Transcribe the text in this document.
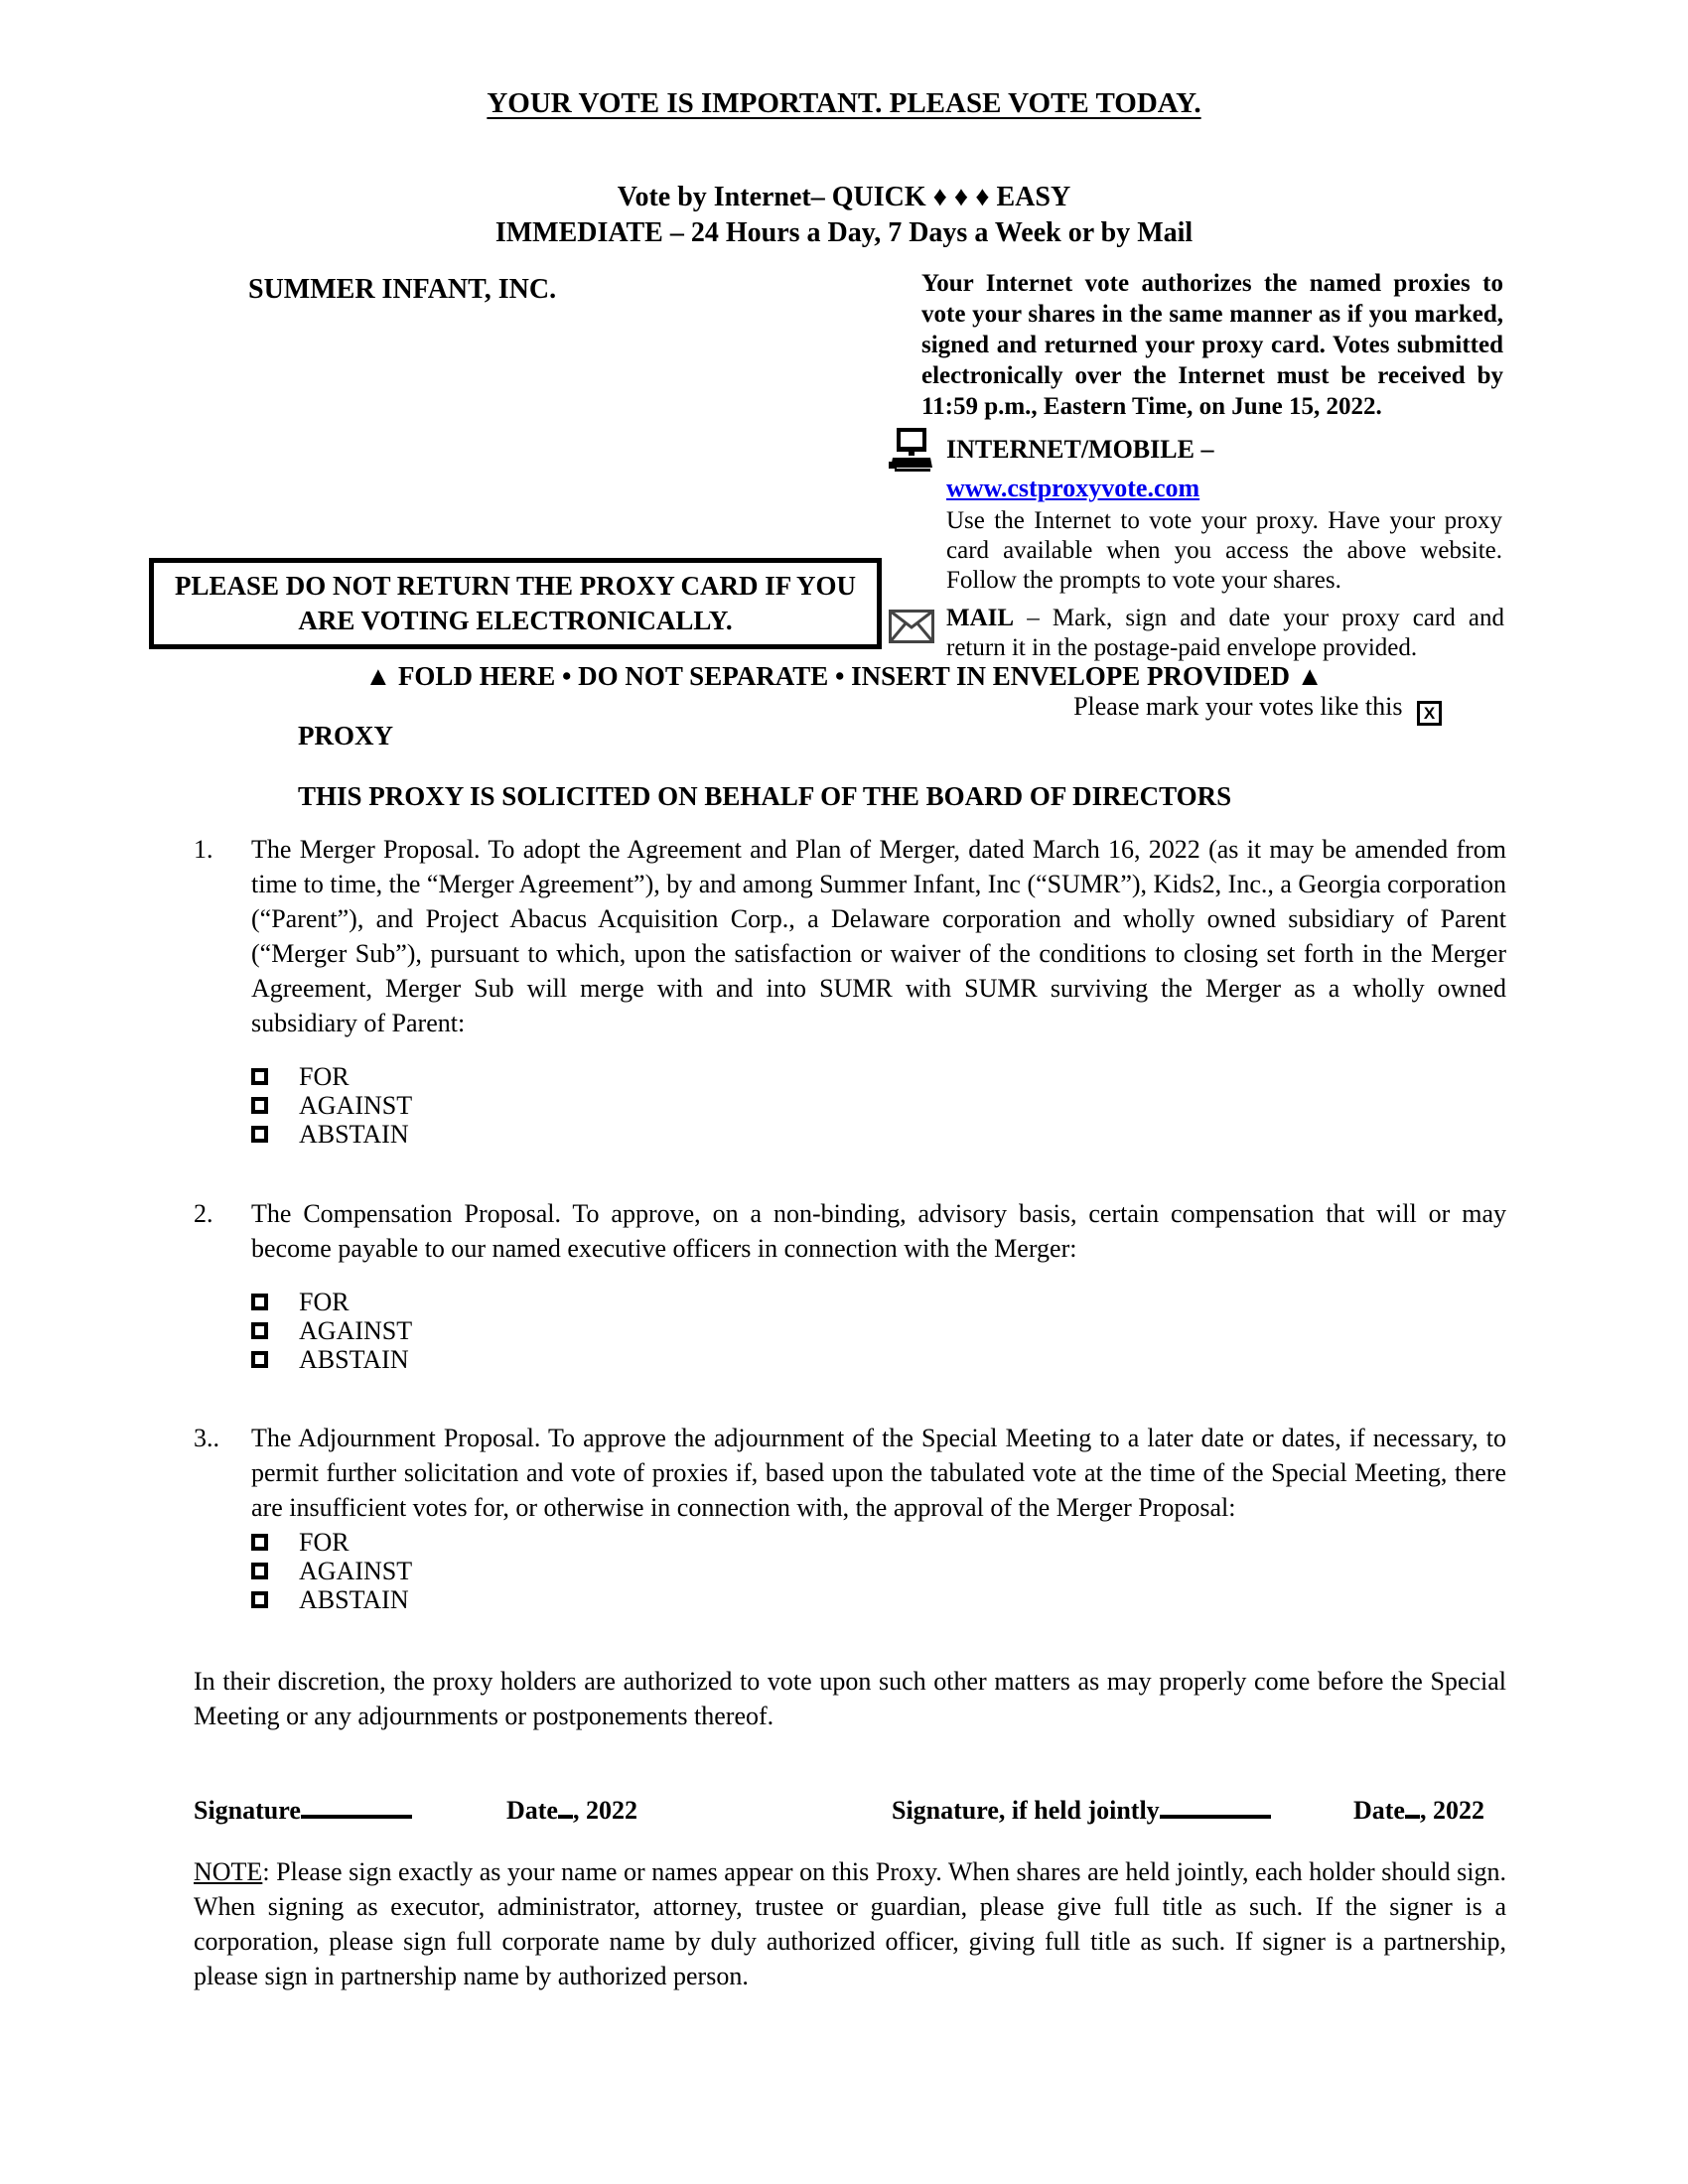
YOUR VOTE IS IMPORTANT. PLEASE VOTE TODAY.
Vote by Internet– QUICK ♦ ♦ ♦ EASY
IMMEDIATE – 24 Hours a Day, 7 Days a Week or by Mail
SUMMER INFANT, INC.	Your Internet vote authorizes the named proxies to vote your shares in the same manner as if you marked, signed and returned your proxy card. Votes submitted electronically over the Internet must be received by 11:59 p.m., Eastern Time, on June 15, 2022.

INTERNET/MOBILE –
www.cstproxyvote.com

Use the Internet to vote your proxy. Have your proxy card available when you access the above website. Follow the prompts to vote your shares.

MAIL – Mark, sign and date your proxy card and return it in the postage-paid envelope provided.

PLEASE DO NOT RETURN THE PROXY CARD IF YOU ARE VOTING ELECTRONICALLY.
▲ FOLD HERE • DO NOT SEPARATE • INSERT IN ENVELOPE PROVIDED ▲
Please mark your votes like this X
PROXY
THIS PROXY IS SOLICITED ON BEHALF OF THE BOARD OF DIRECTORS
1.	The Merger Proposal. To adopt the Agreement and Plan of Merger, dated March 16, 2022 (as it may be amended from time to time, the “Merger Agreement”), by and among Summer Infant, Inc (“SUMR”), Kids2, Inc., a Georgia corporation (“Parent”), and Project Abacus Acquisition Corp., a Delaware corporation and wholly owned subsidiary of Parent (“Merger Sub”), pursuant to which, upon the satisfaction or waiver of the conditions to closing set forth in the Merger Agreement, Merger Sub will merge with and into SUMR with SUMR surviving the Merger as a wholly owned subsidiary of Parent:
FOR
AGAINST
ABSTAIN
2.	The Compensation Proposal. To approve, on a non-binding, advisory basis, certain compensation that will or may become payable to our named executive officers in connection with the Merger:
FOR
AGAINST
ABSTAIN
3..	The Adjournment Proposal. To approve the adjournment of the Special Meeting to a later date or dates, if necessary, to permit further solicitation and vote of proxies if, based upon the tabulated vote at the time of the Special Meeting, there are insufficient votes for, or otherwise in connection with, the approval of the Merger Proposal:
FOR
AGAINST
ABSTAIN

In their discretion, the proxy holders are authorized to vote upon such other matters as may properly come before the Special Meeting or any adjournments or postponements thereof.

Signature	Date , 2022	Signature, if held jointly	Date , 2022

NOTE: Please sign exactly as your name or names appear on this Proxy. When shares are held jointly, each holder should sign. When signing as executor, administrator, attorney, trustee or guardian, please give full title as such. If the signer is a corporation, please sign full corporate name by duly authorized officer, giving full title as such. If signer is a partnership, please sign in partnership name by authorized person.
